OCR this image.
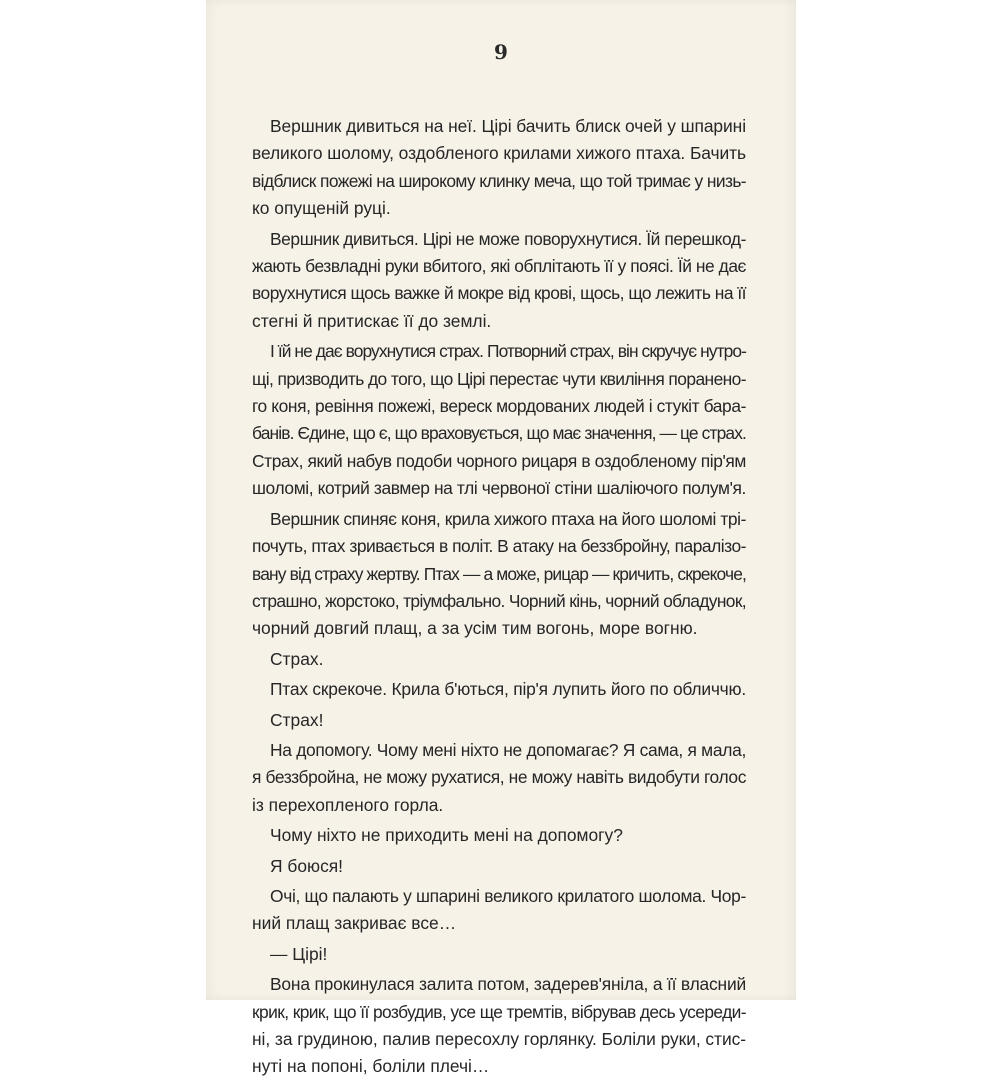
9
Вершник дивиться на неї. Цірі бачить блиск очей у шпарині
великого шолому, оздобленого крилами хижого птаха. Бачить
відблиск пожежі на широкому клинку меча, що той тримає у низь-
ко опущеній руці.
Вершник дивиться. Цірі не може поворухнутися. Їй перешкод-
жають безвладні руки вбитого, які обплітають її у поясі. Їй не дає
ворухнутися щось важке й мокре від крові, щось, що лежить на її
стегні й притискає її до землі.
І їй не дає ворухнутися страх. Потворний страх, він скручує нутро-
щі, призводить до того, що Цірі перестає чути квиління поранено-
го коня, ревіння пожежі, вереск мордованих людей і стукіт бара-
банів. Єдине, що є, що враховується, що має значення, — це страх.
Страх, який набув подоби чорного рицаря в оздобленому пір'ям
шоломі, котрий завмер на тлі червоної стіни шаліючого полум'я.
Вершник спиняє коня, крила хижого птаха на його шоломі трі-
почуть, птах зривається в політ. В атаку на беззбройну, паралізо-
вану від страху жертву. Птах — а може, рицар — кричить, скрекоче,
страшно, жорстоко, тріумфально. Чорний кінь, чорний обладунок,
чорний довгий плащ, а за усім тим вогонь, море вогню.
Страх.
Птах скрекоче. Крила б'ються, пір'я лупить його по обличчю.
Страх!
На допомогу. Чому мені ніхто не допомагає? Я сама, я мала,
я беззбройна, не можу рухатися, не можу навіть видобути голос
із перехопленого горла.
Чому ніхто не приходить мені на допомогу?
Я боюся!
Очі, що палають у шпарині великого крилатого шолома. Чор-
ний плащ закриває все…
— Цірі!
Вона прокинулася залита потом, задерев'яніла, а її власний
крик, крик, що її розбудив, усе ще тремтів, вібрував десь усереди-
ні, за грудиною, палив пересохлу горлянку. Боліли руки, стис-
нуті на попоні, боліли плечі…
